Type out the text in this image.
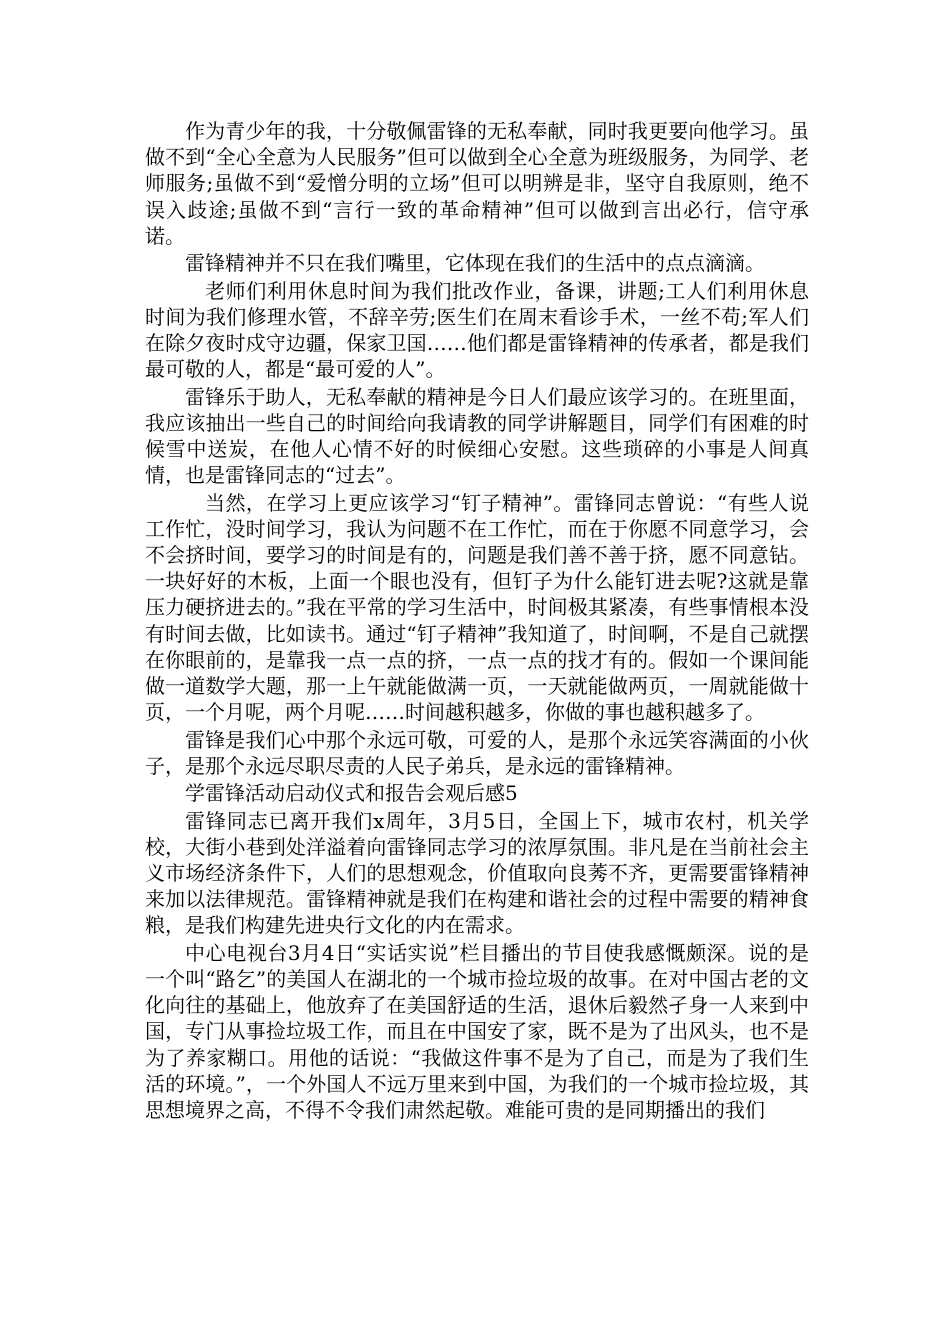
作为青少年的我，十分敬佩雷锋的无私奉献，同时我更要向他学习。虽做不到“全心全意为人民服务”但可以做到全心全意为班级服务，为同学、老师服务;虽做不到“爱憎分明的立场”但可以明辨是非，坚守自我原则，绝不误入歧途;虽做不到“言行一致的革命精神”但可以做到言出必行，信守承诺。

雷锋精神并不只在我们嘴里，它体现在我们的生活中的点点滴滴。

老师们利用休息时间为我们批改作业，备课，讲题;工人们利用休息时间为我们修理水管，不辞辛劳;医生们在周末看诊手术，一丝不苟;军人们在除夕夜时戍守边疆，保家卫国……他们都是雷锋精神的传承者，都是我们最可敬的人，都是“最可爱的人”。

雷锋乐于助人，无私奉献的精神是今日人们最应该学习的。在班里面，我应该抽出一些自己的时间给向我请教的同学讲解题目，同学们有困难的时候雪中送炭，在他人心情不好的时候细心安慰。这些琐碎的小事是人间真情，也是雷锋同志的“过去”。

当然，在学习上更应该学习“钉子精神”。雷锋同志曾说：“有些人说工作忙，没时间学习，我认为问题不在工作忙，而在于你愿不同意学习，会不会挤时间，要学习的时间是有的，问题是我们善不善于挤，愿不同意钻。一块好好的木板，上面一个眼也没有，但钉子为什么能钉进去呢?这就是靠压力硬挤进去的。”我在平常的学习生活中，时间极其紧凑，有些事情根本没有时间去做，比如读书。通过“钉子精神”我知道了，时间啊，不是自己就摆在你眼前的，是靠我一点一点的挤，一点一点的找才有的。假如一个课间能做一道数学大题，那一上午就能做满一页，一天就能做两页，一周就能做十页，一个月呢，两个月呢……时间越积越多，你做的事也越积越多了。

雷锋是我们心中那个永远可敬，可爱的人，是那个永远笑容满面的小伙子，是那个永远尽职尽责的人民子弟兵，是永远的雷锋精神。

学雷锋活动启动仪式和报告会观后感5

雷锋同志已离开我们x周年，3月5日，全国上下，城市农村，机关学校，大街小巷到处洋溢着向雷锋同志学习的浓厚氛围。非凡是在当前社会主义市场经济条件下，人们的思想观念，价值取向良莠不齐，更需要雷锋精神来加以法律规范。雷锋精神就是我们在构建和谐社会的过程中需要的精神食粮，是我们构建先进央行文化的内在需求。

中心电视台3月4日“实话实说”栏目播出的节目使我感慨颇深。说的是一个叫“路乞”的美国人在湖北的一个城市捡垃圾的故事。在对中国古老的文化向往的基础上，他放弃了在美国舒适的生活，退休后毅然孑身一人来到中国，专门从事捡垃圾工作，而且在中国安了家，既不是为了出风头，也不是为了养家糊口。用他的话说：“我做这件事不是为了自己，而是为了我们生活的环境。”，一个外国人不远万里来到中国，为我们的一个城市捡垃圾，其思想境界之高，不得不令我们肃然起敬。难能可贵的是同期播出的我们
